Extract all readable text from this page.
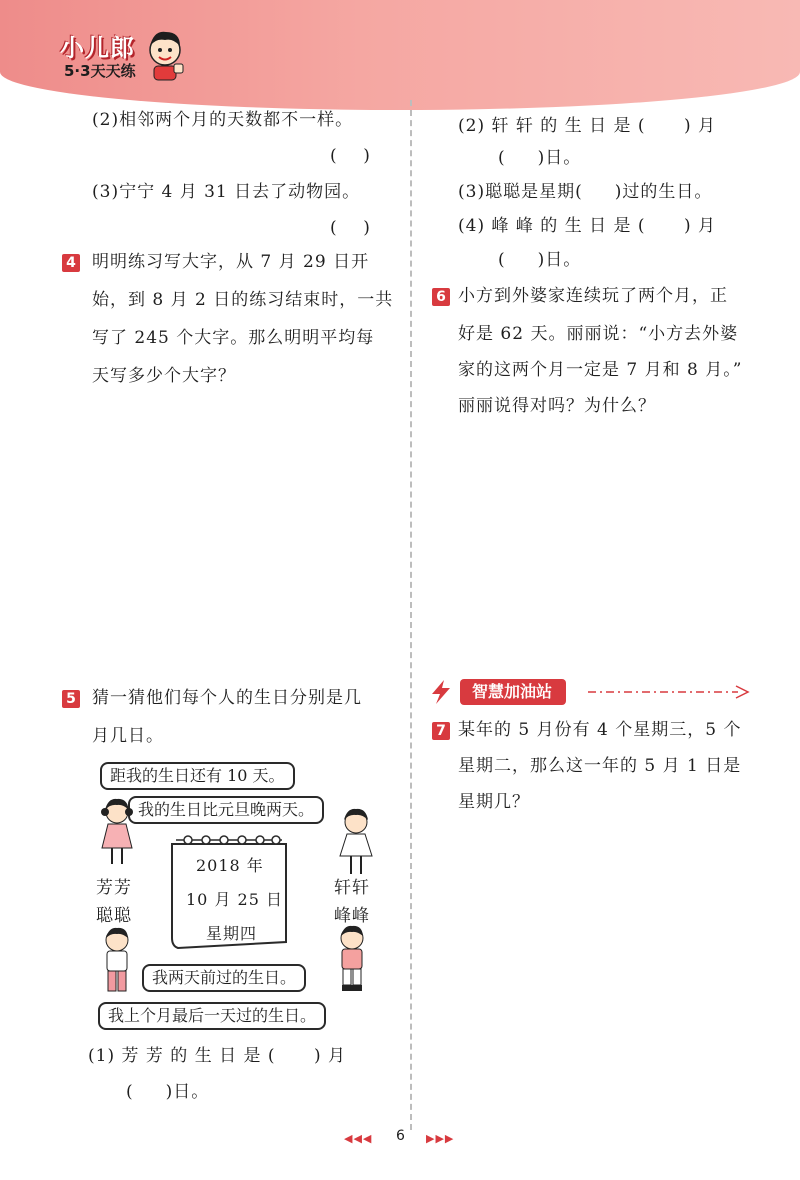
小儿郎
5·3天天练
(2)相邻两个月的天数都不一样。
(    )
(3)宁宁 4 月 31 日去了动物园。
(    )
4 明明练习写大字，从 7 月 29 日开
始，到 8 月 2 日的练习结束时，一共
写了 245 个大字。那么明明平均每
天写多少个大字？
5 猜一猜他们每个人的生日分别是几
月几日。
距我的生日还有 10 天。
我的生日比元旦晚两天。
我两天前过的生日。
我上个月最后一天过的生日。
2018 年
10 月 25 日
星期四
芳芳
聪聪
轩轩
峰峰
(1) 芳 芳 的 生 日 是 (      ) 月
(     )日。
(2) 轩 轩 的 生 日 是 (      ) 月
(     )日。
(3)聪聪是星期(     )过的生日。
(4) 峰 峰 的 生 日 是 (      ) 月
(     )日。
6 小方到外婆家连续玩了两个月，正
好是 62 天。丽丽说：“小方去外婆
家的这两个月一定是 7 月和 8 月。”
丽丽说得对吗？为什么？
智慧加油站
7 某年的 5 月份有 4 个星期三，5 个
星期二，那么这一年的 5 月 1 日是
星期几？
◀◀◀ 6 ▶▶▶
